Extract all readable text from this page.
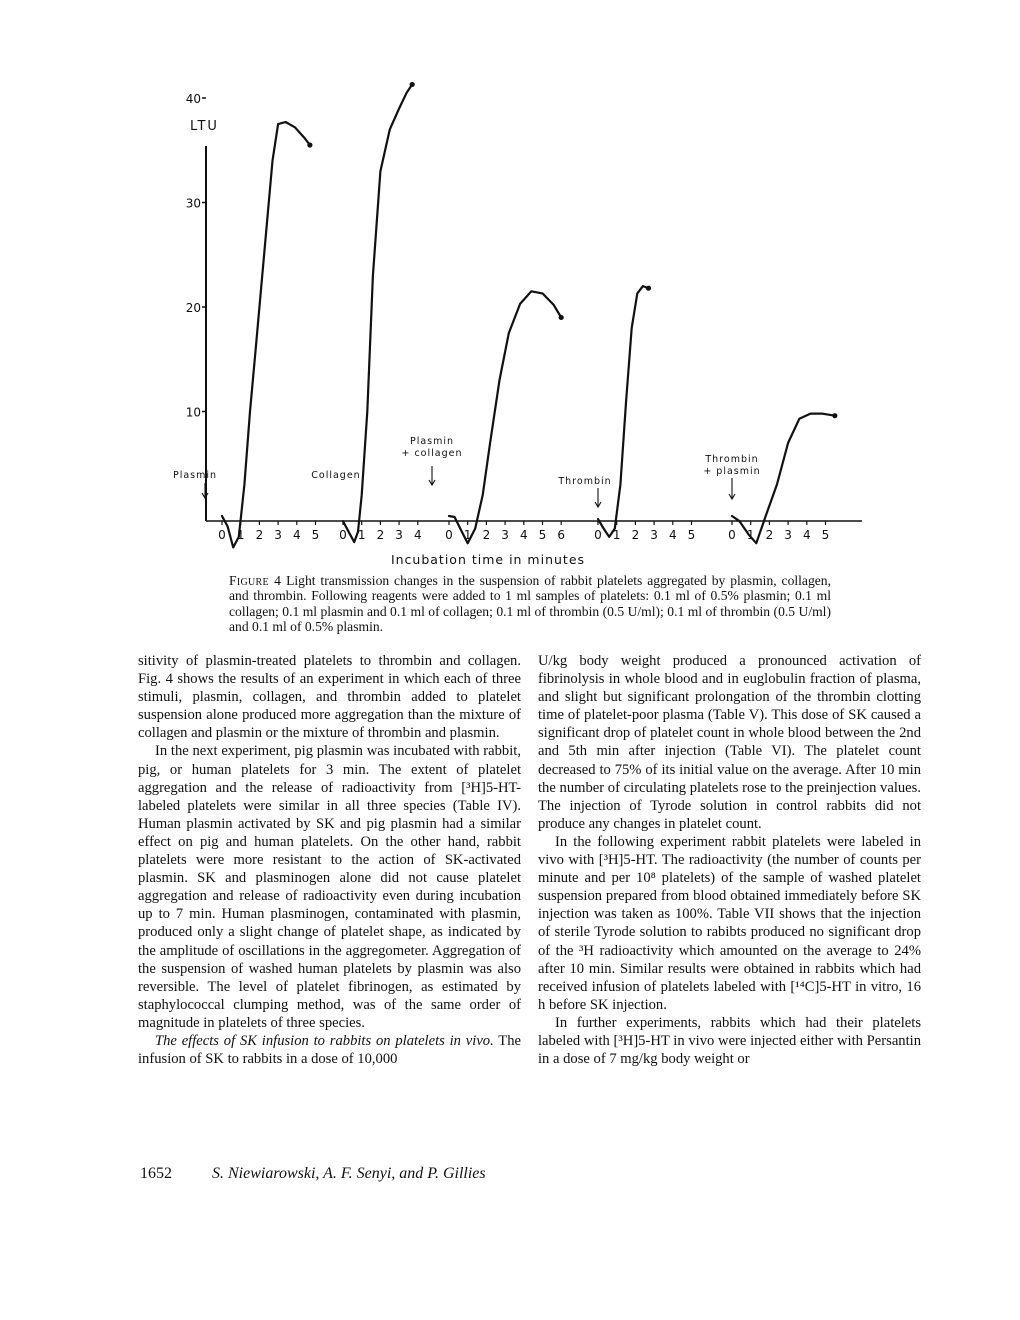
LTU
40
30
20
10
0 1 2 3 4 5 0 1 2 3 4 0 1 2 3 4 5 6 0 1 2 3 4 5	0 1 2 3 4 5
Incubation time in minutes
Plasmin	Collagen
Plasmin
+ collagen
Thrombin
Thrombin
+ plasmin
Figure 4 Light transmission changes in the suspension of rabbit platelets aggregated by plasmin, collagen, and thrombin. Following reagents were added to 1 ml samples of platelets: 0.1 ml of 0.5% plasmin; 0.1 ml collagen; 0.1 ml plasmin and 0.1 ml of collagen; 0.1 ml of thrombin (0.5 U/ml); 0.1 ml of thrombin (0.5 U/ml) and 0.1 ml of 0.5% plasmin.

sitivity of plasmin-treated platelets to thrombin and collagen. Fig. 4 shows the results of an experiment in which each of three stimuli, plasmin, collagen, and thrombin added to platelet suspension alone produced more aggregation than the mixture of collagen and plasmin or the mixture of thrombin and plasmin.

In the next experiment, pig plasmin was incubated with rabbit, pig, or human platelets for 3 min. The extent of platelet aggregation and the release of radioactivity from [³H]5-HT-labeled platelets were similar in all three species (Table IV). Human plasmin activated by SK and pig plasmin had a similar effect on pig and human platelets. On the other hand, rabbit platelets were more resistant to the action of SK-activated plasmin. SK and plasminogen alone did not cause platelet aggregation and release of radioactivity even during incubation up to 7 min. Human plasminogen, contaminated with plasmin, produced only a slight change of platelet shape, as indicated by the amplitude of oscillations in the aggregometer. Aggregation of the suspension of washed human platelets by plasmin was also reversible. The level of platelet fibrinogen, as estimated by staphylococcal clumping method, was of the same order of magnitude in platelets of three species.

The effects of SK infusion to rabbits on platelets in vivo. The infusion of SK to rabbits in a dose of 10,000

U/kg body weight produced a pronounced activation of fibrinolysis in whole blood and in euglobulin fraction of plasma, and slight but significant prolongation of the thrombin clotting time of platelet-poor plasma (Table V). This dose of SK caused a significant drop of platelet count in whole blood between the 2nd and 5th min after injection (Table VI). The platelet count decreased to 75% of its initial value on the average. After 10 min the number of circulating platelets rose to the preinjection values. The injection of Tyrode solution in control rabbits did not produce any changes in platelet count.

In the following experiment rabbit platelets were labeled in vivo with [³H]5-HT. The radioactivity (the number of counts per minute and per 10⁸ platelets) of the sample of washed platelet suspension prepared from blood obtained immediately before SK injection was taken as 100%. Table VII shows that the injection of sterile Tyrode solution to rabibts produced no significant drop of the ³H radioactivity which amounted on the average to 24% after 10 min. Similar results were obtained in rabbits which had received infusion of platelets labeled with [¹⁴C]5-HT in vitro, 16 h before SK injection.

In further experiments, rabbits which had their platelets labeled with [³H]5-HT in vivo were injected either with Persantin in a dose of 7 mg/kg body weight or

1652	S. Niewiarowski, A. F. Senyi, and P. Gillies
